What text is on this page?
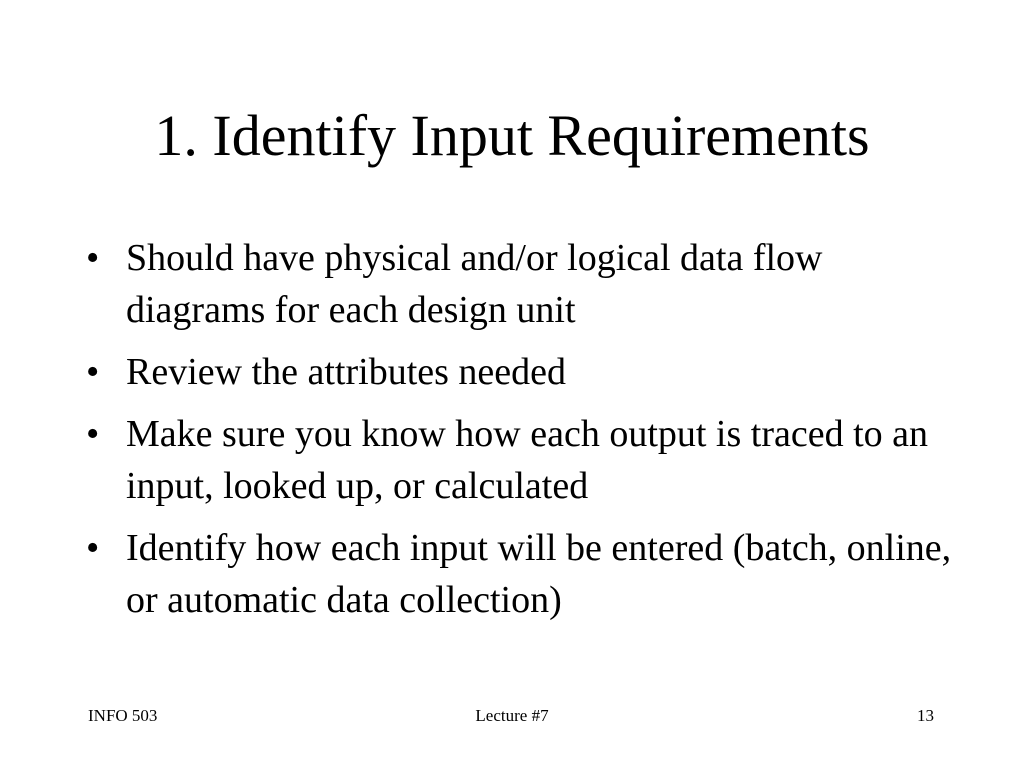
1. Identify Input Requirements
• Should have physical and/or logical data flow diagrams for each design unit
• Review the attributes needed
• Make sure you know how each output is traced to an input, looked up, or calculated
• Identify how each input will be entered (batch, online, or automatic data collection)
INFO 503	Lecture #7	13
